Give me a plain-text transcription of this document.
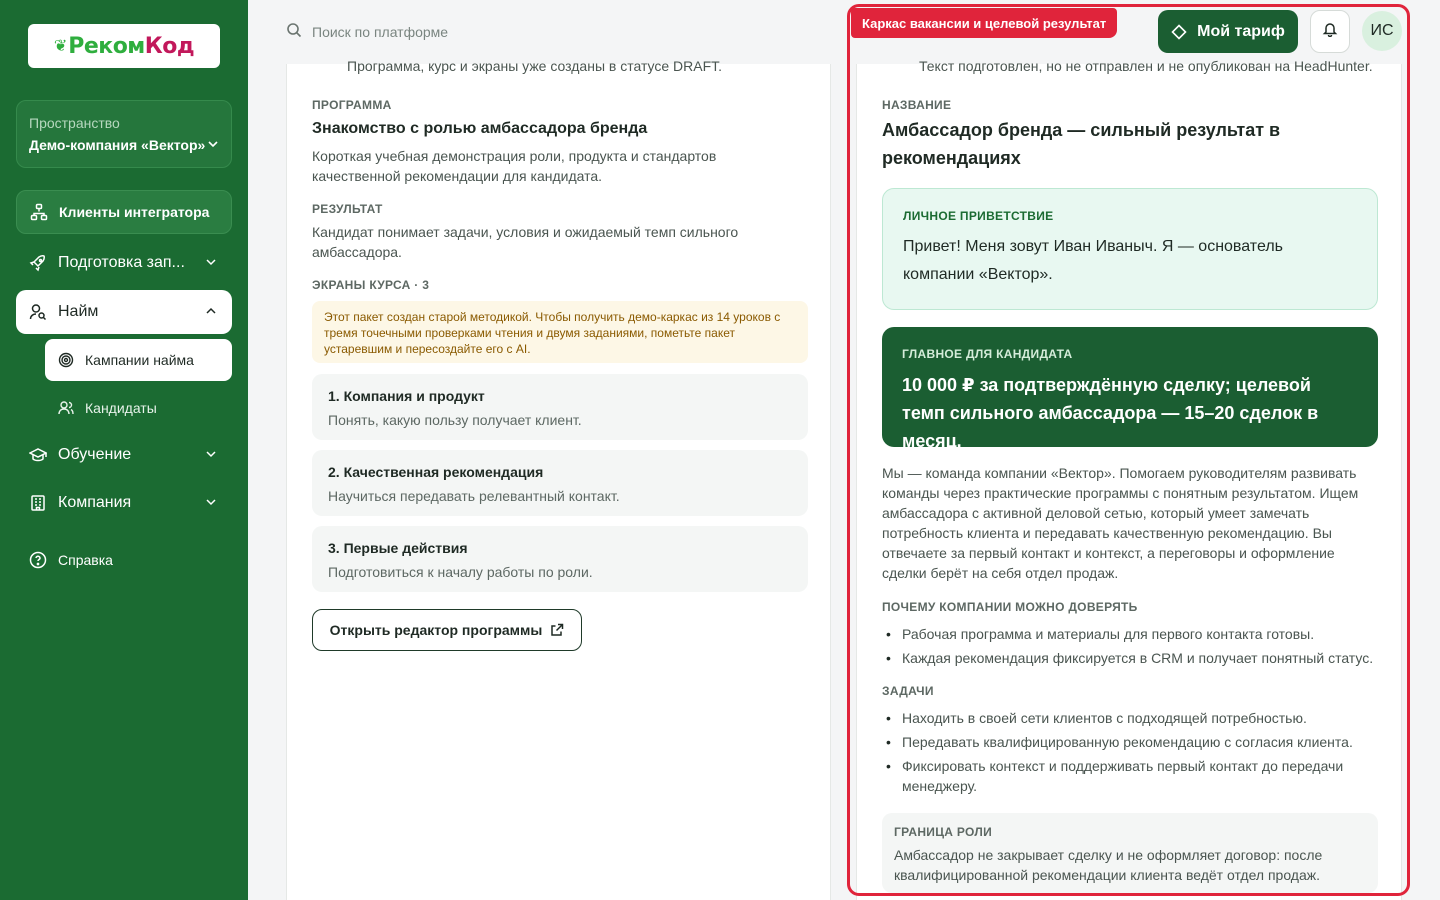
❦ РекомКод
Пространство
Демо-компания «Вектор»
Клиенты интегратора
Подготовка зап...
Найм
Кампании найма
Кандидаты
Обучение
Компания
Справка
Поиск по платформе
Программа, курс и экраны уже созданы в статусе DRAFT.
ПРОГРАММА
Знакомство с ролью амбассадора бренда
Короткая учебная демонстрация роли, продукта и стандартов качественной рекомендации для кандидата.
РЕЗУЛЬТАТ
Кандидат понимает задачи, условия и ожидаемый темп сильного амбассадора.
ЭКРАНЫ КУРСА · 3
Этот пакет создан старой методикой. Чтобы получить демо-каркас из 14 уроков с тремя точечными проверками чтения и двумя заданиями, пометьте пакет устаревшим и пересоздайте его с AI.
1. Компания и продукт
Понять, какую пользу получает клиент.
2. Качественная рекомендация
Научиться передавать релевантный контакт.
3. Первые действия
Подготовиться к началу работы по роли.
Открыть редактор программы
Текст подготовлен, но не отправлен и не опубликован на HeadHunter.
НАЗВАНИЕ
Амбассадор бренда — сильный результат в рекомендациях
ЛИЧНОЕ ПРИВЕТСТВИЕ
Привет! Меня зовут Иван Иваныч. Я — основатель компании «Вектор».
ГЛАВНОЕ ДЛЯ КАНДИДАТА
10 000 ₽ за подтверждённую сделку; целевой темп сильного амбассадора — 15–20 сделок в месяц.
Мы — команда компании «Вектор». Помогаем руководителям развивать команды через практические программы с понятным результатом. Ищем амбассадора с активной деловой сетью, который умеет замечать потребность клиента и передавать качественную рекомендацию. Вы отвечаете за первый контакт и контекст, а переговоры и оформление сделки берёт на себя отдел продаж.
ПОЧЕМУ КОМПАНИИ МОЖНО ДОВЕРЯТЬ
• Рабочая программа и материалы для первого контакта готовы.
• Каждая рекомендация фиксируется в CRM и получает понятный статус.
ЗАДАЧИ
• Находить в своей сети клиентов с подходящей потребностью.
• Передавать квалифицированную рекомендацию с согласия клиента.
• Фиксировать контекст и поддерживать первый контакт до передачи менеджеру.
ГРАНИЦА РОЛИ
Амбассадор не закрывает сделку и не оформляет договор: после квалифицированной рекомендации клиента ведёт отдел продаж.
Каркас вакансии и целевой результат	Мой тариф	ИС
